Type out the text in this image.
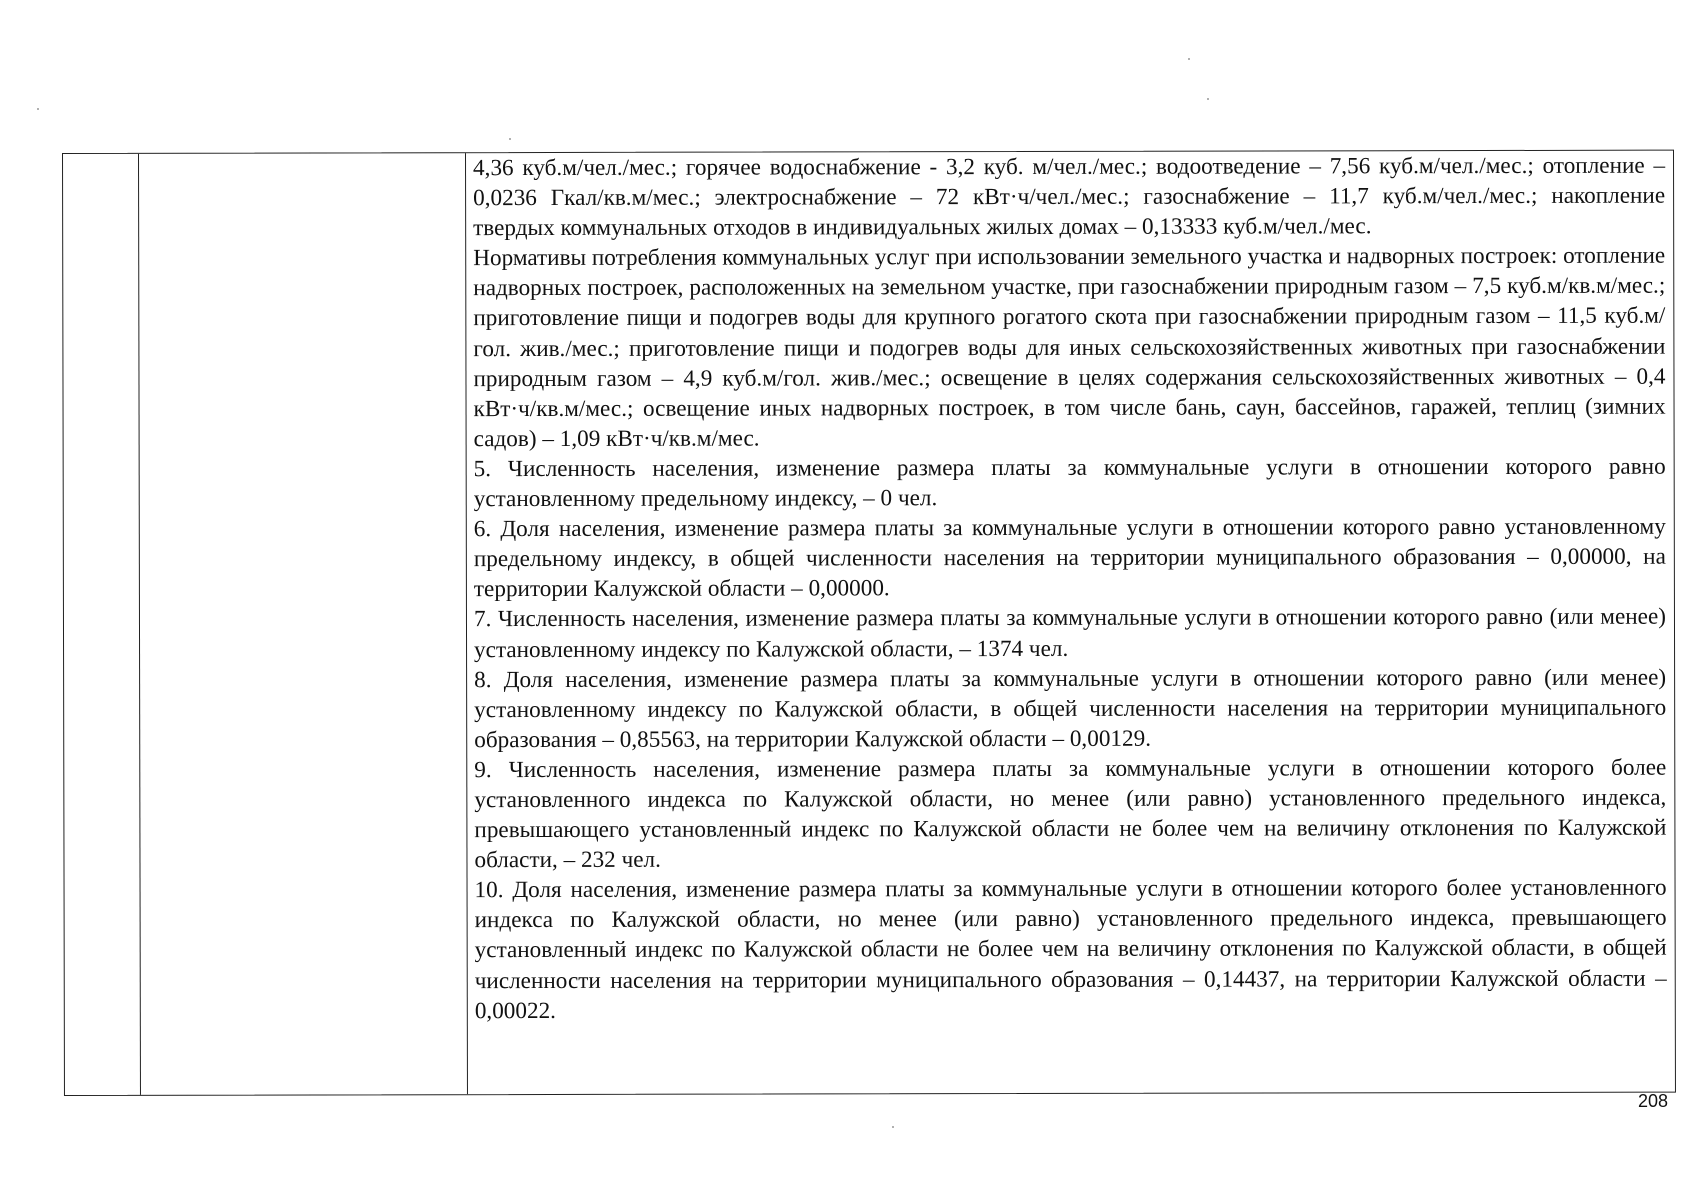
4,36 куб.м/чел./мес.; горячее водоснабжение - 3,2 куб. м/чел./мес.; водоотведение – 7,56 куб.м/чел./мес.; отопление – 0,0236 Гкал/кв.м/мес.; электроснабжение – 72 кВт·ч/чел./мес.; газоснабжение – 11,7 куб.м/чел./мес.; накопление твердых коммунальных отходов в индивидуальных жилых домах – 0,13333 куб.м/чел./мес.

Нормативы потребления коммунальных услуг при использовании земельного участка и надворных построек: отопление надворных построек, расположенных на земельном участке, при газоснабжении природным газом – 7,5 куб.м/кв.м/мес.; приготовление пищи и подогрев воды для крупного рогатого скота при газоснабжении природным газом – 11,5 куб.м/гол. жив./мес.; приготовление пищи и подогрев воды для иных сельскохозяйственных животных при газоснабжении природным газом – 4,9 куб.м/гол. жив./мес.; освещение в целях содержания сельскохозяйственных животных – 0,4 кВт·ч/кв.м/мес.; освещение иных надворных построек, в том числе бань, саун, бассейнов, гаражей, теплиц (зимних садов) – 1,09 кВт·ч/кв.м/мес.

5. Численность населения, изменение размера платы за коммунальные услуги в отношении которого равно установленному предельному индексу, – 0 чел.

6. Доля населения, изменение размера платы за коммунальные услуги в отношении которого равно установленному предельному индексу, в общей численности населения на территории муниципального образования – 0,00000, на территории Калужской области – 0,00000.

7. Численность населения, изменение размера платы за коммунальные услуги в отношении которого равно (или менее) установленному индексу по Калужской области, – 1374 чел.

8. Доля населения, изменение размера платы за коммунальные услуги в отношении которого равно (или менее) установленному индексу по Калужской области, в общей численности населения на территории муниципального образования – 0,85563, на территории Калужской области – 0,00129.

9. Численность населения, изменение размера платы за коммунальные услуги в отношении которого более установленного индекса по Калужской области, но менее (или равно) установленного предельного индекса, превышающего установленный индекс по Калужской области не более чем на величину отклонения по Калужской области, – 232 чел.

10. Доля населения, изменение размера платы за коммунальные услуги в отношении которого более установленного индекса по Калужской области, но менее (или равно) установленного предельного индекса, превышающего установленный индекс по Калужской области не более чем на величину отклонения по Калужской области, в общей численности населения на территории муниципального образования – 0,14437, на территории Калужской области – 0,00022.

208
